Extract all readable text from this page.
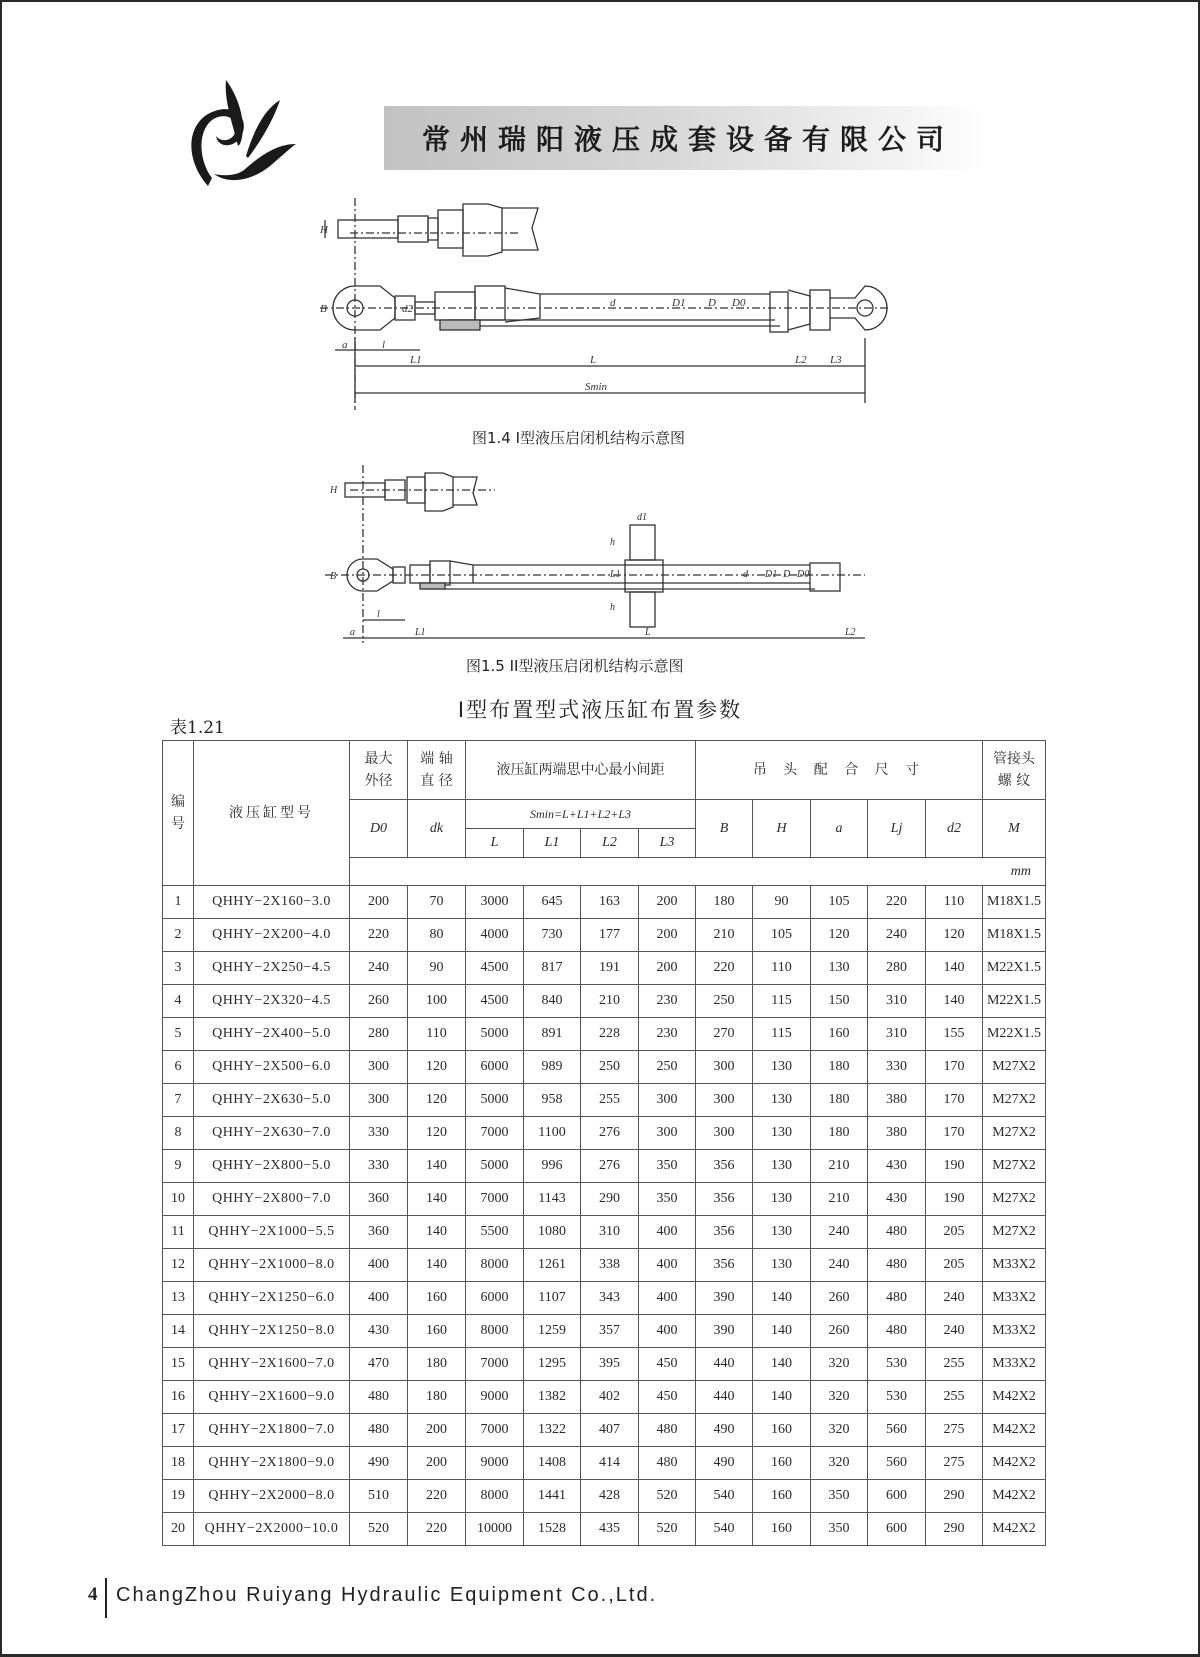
常州瑞阳液压成套设备有限公司
H
a	l
L1	L	L2 L3
Smin
B	d2	d	D1 D D0
图1.4 I型液压启闭机结构示意图
H
B
d1
h
h
L1	d D1 D D0
l
a	L1	L	L2
图1.5 II型液压启闭机结构示意图
I型布置型式液压缸布置参数
表1.21
编号	液压缸型号	最大外径	端 轴 直 径	液压缸两端思中心最小间距				吊 头 配 合 尺 寸					管接头 螺 纹
		D0	dk	Smin=L+L1+L2+L3				B	H	a	Lj	d2	M
				L	L1	L2	L3						
		mm											
1	QHHY−2X160−3.0	200	70	3000	645	163	200	180	90	105	220	110	M18X1.5
2	QHHY−2X200−4.0	220	80	4000	730	177	200	210	105	120	240	120	M18X1.5
3	QHHY−2X250−4.5	240	90	4500	817	191	200	220	110	130	280	140	M22X1.5
4	QHHY−2X320−4.5	260	100	4500	840	210	230	250	115	150	310	140	M22X1.5
5	QHHY−2X400−5.0	280	110	5000	891	228	230	270	115	160	310	155	M22X1.5
6	QHHY−2X500−6.0	300	120	6000	989	250	250	300	130	180	330	170	M27X2
7	QHHY−2X630−5.0	300	120	5000	958	255	300	300	130	180	380	170	M27X2
8	QHHY−2X630−7.0	330	120	7000	1100	276	300	300	130	180	380	170	M27X2
9	QHHY−2X800−5.0	330	140	5000	996	276	350	356	130	210	430	190	M27X2
10	QHHY−2X800−7.0	360	140	7000	1143	290	350	356	130	210	430	190	M27X2
11	QHHY−2X1000−5.5	360	140	5500	1080	310	400	356	130	240	480	205	M27X2
12	QHHY−2X1000−8.0	400	140	8000	1261	338	400	356	130	240	480	205	M33X2
13	QHHY−2X1250−6.0	400	160	6000	1107	343	400	390	140	260	480	240	M33X2
14	QHHY−2X1250−8.0	430	160	8000	1259	357	400	390	140	260	480	240	M33X2
15	QHHY−2X1600−7.0	470	180	7000	1295	395	450	440	140	320	530	255	M33X2
16	QHHY−2X1600−9.0	480	180	9000	1382	402	450	440	140	320	530	255	M42X2
17	QHHY−2X1800−7.0	480	200	7000	1322	407	480	490	160	320	560	275	M42X2
18	QHHY−2X1800−9.0	490	200	9000	1408	414	480	490	160	320	560	275	M42X2
19	QHHY−2X2000−8.0	510	220	8000	1441	428	520	540	160	350	600	290	M42X2
20	QHHY−2X2000−10.0	520	220	10000	1528	435	520	540	160	350	600	290	M42X2
4 ChangZhou Ruiyang Hydraulic Equipment Co.,Ltd.
